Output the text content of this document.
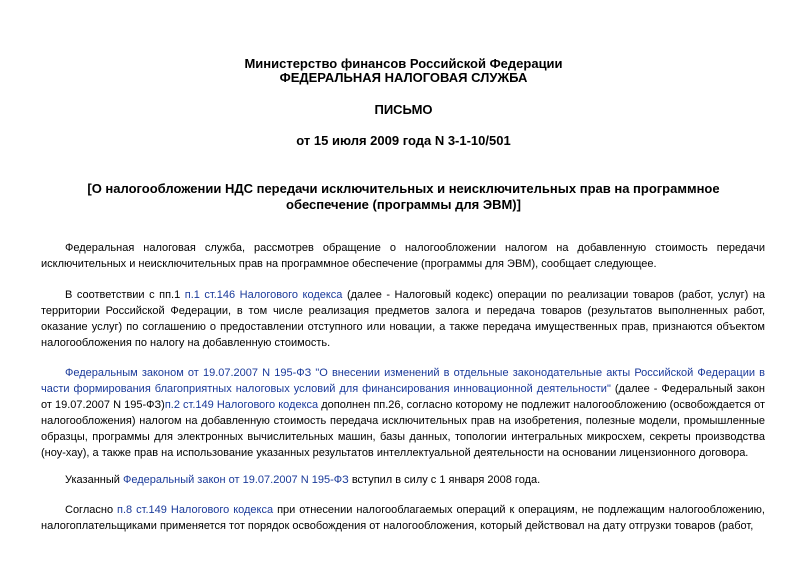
Министерство финансов Российской Федерации
ФЕДЕРАЛЬНАЯ НАЛОГОВАЯ СЛУЖБА
ПИСЬМО
от 15 июля 2009 года N 3-1-10/501
[О налогообложении НДС передачи исключительных и неисключительных прав на программное
обеспечение (программы для ЭВМ)]

Федеральная налоговая служба, рассмотрев обращение о налогообложении налогом на добавленную стоимость передачи исключительных и неисключительных прав на программное обеспечение (программы для ЭВМ), сообщает следующее.

В соответствии с пп.1 п.1 ст.146 Налогового кодекса (далее - Налоговый кодекс) операции по реализации товаров (работ, услуг) на территории Российской Федерации, в том числе реализация предметов залога и передача товаров (результатов выполненных работ, оказание услуг) по соглашению о предоставлении отступного или новации, а также передача имущественных прав, признаются объектом налогообложения по налогу на добавленную стоимость.

Федеральным законом от 19.07.2007 N 195-ФЗ "О внесении изменений в отдельные законодательные акты Российской Федерации в части формирования благоприятных налоговых условий для финансирования инновационной деятельности" (далее - Федеральный закон от 19.07.2007 N 195-ФЗ)п.2 ст.149 Налогового кодекса дополнен пп.26, согласно которому не подлежит налогообложению (освобождается от налогообложения) налогом на добавленную стоимость передача исключительных прав на изобретения, полезные модели, промышленные образцы, программы для электронных вычислительных машин, базы данных, топологии интегральных микросхем, секреты производства (ноу-хау), а также прав на использование указанных результатов интеллектуальной деятельности на основании лицензионного договора.

Указанный Федеральный закон от 19.07.2007 N 195-ФЗ вступил в силу с 1 января 2008 года.

Согласно п.8 ст.149 Налогового кодекса при отнесении налогооблагаемых операций к операциям, не подлежащим налогообложению, налогоплательщиками применяется тот порядок освобождения от налогообложения, который действовал на дату отгрузки товаров (работ,
